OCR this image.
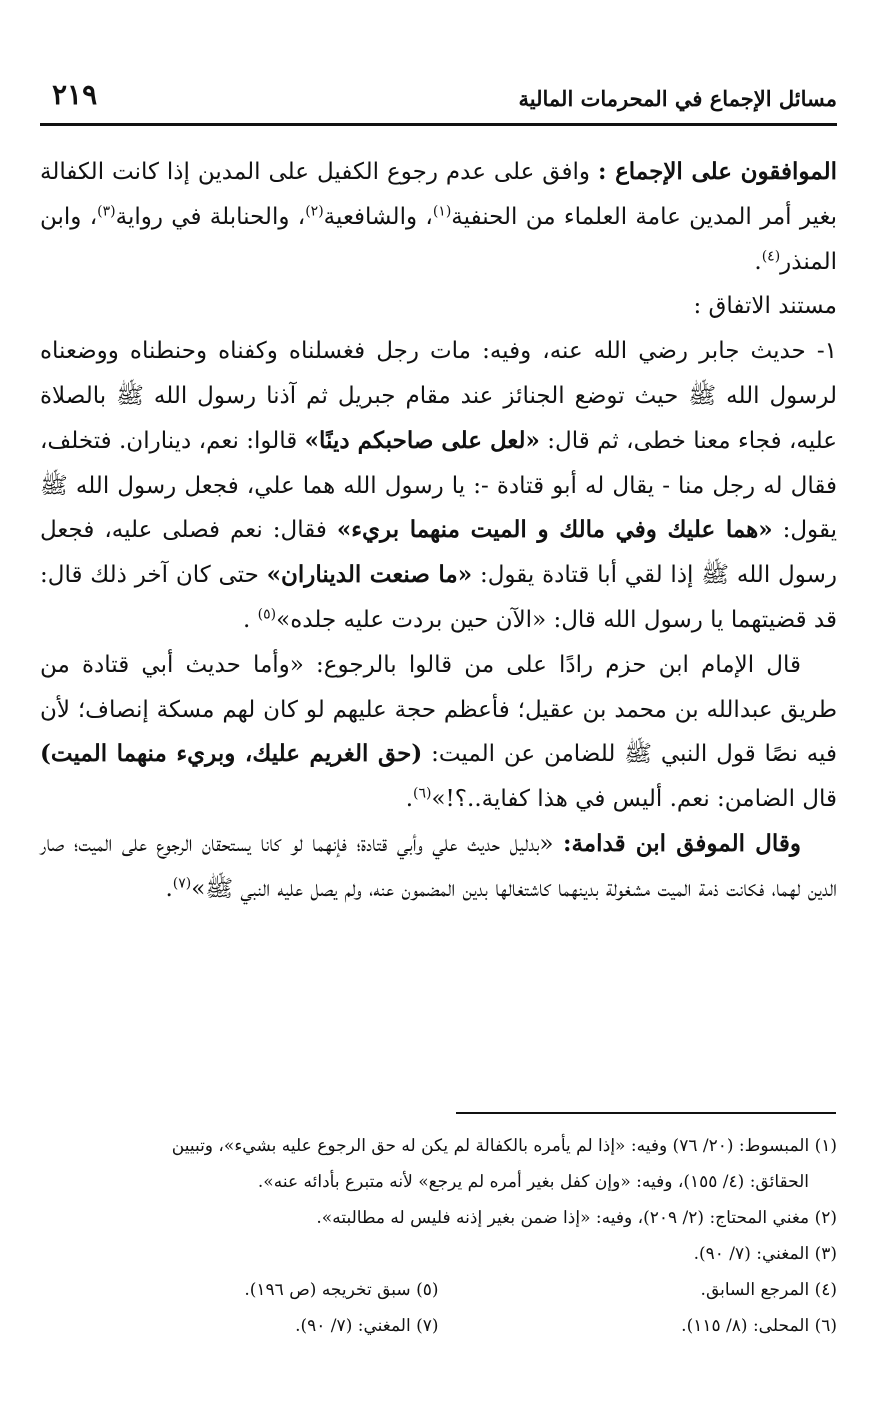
مسائل الإجماع في المحرمات المالية
٢١٩

الموافقون على الإجماع : وافق على عدم رجوع الكفيل على المدين إذا كانت الكفالة بغير أمر المدين عامة العلماء من الحنفية$^{(١)}$، والشافعية$^{(٢)}$، والحنابلة في رواية$^{(٣)}$، وابن المنذر$^{(٤)}$.

مستند الاتفاق :

١- حديث جابر رضي الله عنه، وفيه: مات رجل فغسلناه وكفناه وحنطناه ووضعناه لرسول الله ﷺ حيث توضع الجنائز عند مقام جبريل ثم آذنا رسول الله ﷺ بالصلاة عليه، فجاء معنا خطى، ثم قال: «لعل على صاحبكم دينًا» قالوا: نعم، ديناران. فتخلف، فقال له رجل منا - يقال له أبو قتادة -: يا رسول الله هما علي، فجعل رسول الله ﷺ يقول: «هما عليك وفي مالك و الميت منهما بريء» فقال: نعم فصلى عليه، فجعل رسول الله ﷺ إذا لقي أبا قتادة يقول: «ما صنعت الديناران» حتى كان آخر ذلك قال: قد قضيتهما يا رسول الله قال: «الآن حين بردت عليه جلده»$^{(٥)}$ .

قال الإمام ابن حزم رادًا على من قالوا بالرجوع: «وأما حديث أبي قتادة من طريق عبدالله بن محمد بن عقيل؛ فأعظم حجة عليهم لو كان لهم مسكة إنصاف؛ لأن فيه نصًا قول النبي ﷺ للضامن عن الميت: (حق الغريم عليك، وبريء منهما الميت) قال الضامن: نعم. أليس في هذا كفاية..؟!»$^{(٦)}$.

وقال الموفق ابن قدامة: «بدليل حديث علي وأبي قتادة؛ فإنهما لو كانا يستحقان الرجوع على الميت؛ صار الدين لهما، فكانت ذمة الميت مشغولة بدينهما كاشتغالها بدين المضمون عنه، ولم يصل عليه النبي ﷺ»$^{(٧)}$.

(١) المبسوط: (٢٠/ ٧٦) وفيه: «إذا لم يأمره بالكفالة لم يكن له حق الرجوع عليه بشيء»، وتبيين

الحقائق: (٤/ ١٥٥)، وفيه: «وإن كفل بغير أمره لم يرجع» لأنه متبرع بأدائه عنه».

(٢) مغني المحتاج: (٢/ ٢٠٩)، وفيه: «إذا ضمن بغير إذنه فليس له مطالبته».

(٣) المغني: (٧/ ٩٠).

(٤) المرجع السابق.

(٥) سبق تخريجه (ص ١٩٦).

(٦) المحلى: (٨/ ١١٥).

(٧) المغني: (٧/ ٩٠).
